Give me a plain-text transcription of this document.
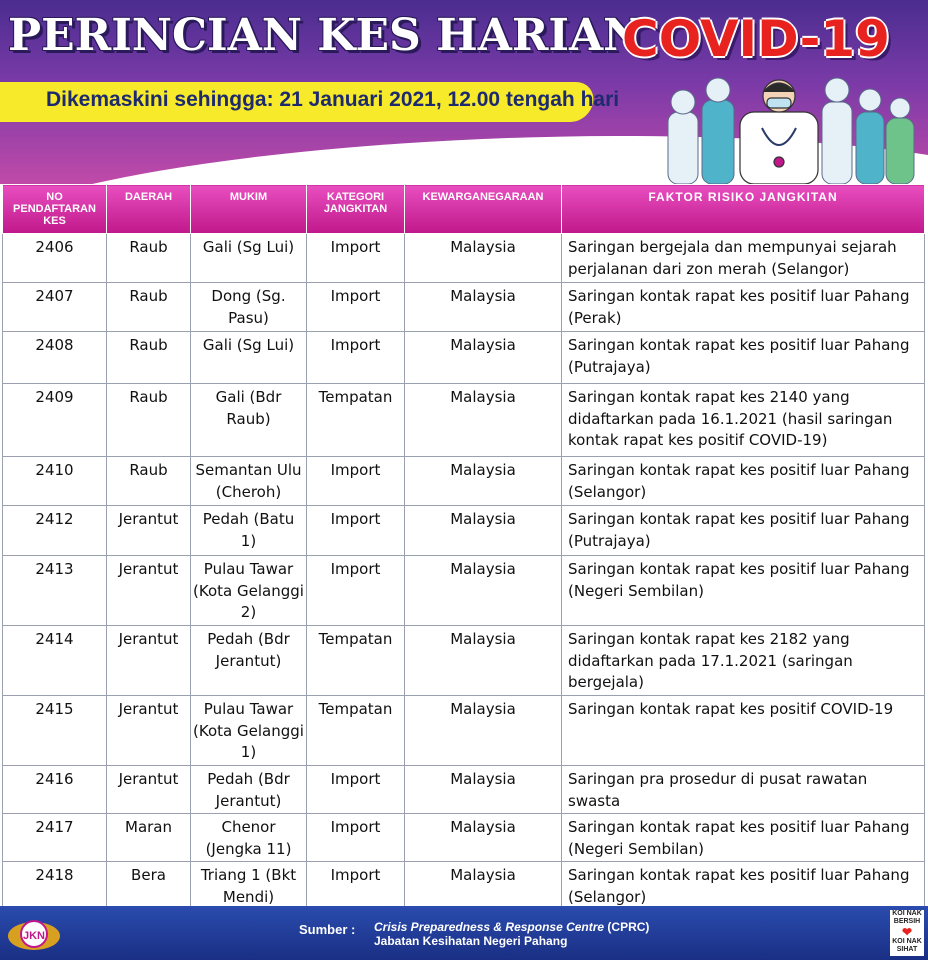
PERINCIAN KES HARIAN
COVID-19
Dikemaskini sehingga: 21 Januari 2021, 12.00 tengah hari
NO PENDAFTARAN KES	DAERAH	MUKIM	KATEGORI JANGKITAN	KEWARGANEGARAAN	FAKTOR RISIKO JANGKITAN
2406	Raub	Gali (Sg Lui)	Import	Malaysia	Saringan bergejala dan mempunyai sejarah perjalanan dari zon merah (Selangor)
2407	Raub	Dong (Sg. Pasu)	Import	Malaysia	Saringan kontak rapat kes positif luar Pahang (Perak)
2408	Raub	Gali (Sg Lui)	Import	Malaysia	Saringan kontak rapat kes positif luar Pahang (Putrajaya)
2409	Raub	Gali (Bdr Raub)	Tempatan	Malaysia	Saringan kontak rapat kes 2140 yang didaftarkan pada 16.1.2021 (hasil saringan kontak rapat kes positif COVID-19)
2410	Raub	Semantan Ulu (Cheroh)	Import	Malaysia	Saringan kontak rapat kes positif luar Pahang (Selangor)
2412	Jerantut	Pedah (Batu 1)	Import	Malaysia	Saringan kontak rapat kes positif luar Pahang (Putrajaya)
2413	Jerantut	Pulau Tawar (Kota Gelanggi 2)	Import	Malaysia	Saringan kontak rapat kes positif luar Pahang (Negeri Sembilan)
2414	Jerantut	Pedah (Bdr Jerantut)	Tempatan	Malaysia	Saringan kontak rapat kes 2182 yang didaftarkan pada 17.1.2021 (saringan bergejala)
2415	Jerantut	Pulau Tawar (Kota Gelanggi 1)	Tempatan	Malaysia	Saringan kontak rapat kes positif COVID-19
2416	Jerantut	Pedah (Bdr Jerantut)	Import	Malaysia	Saringan pra prosedur di pusat rawatan swasta
2417	Maran	Chenor (Jengka 11)	Import	Malaysia	Saringan kontak rapat kes positif luar Pahang (Negeri Sembilan)
2418	Bera	Triang 1 (Bkt Mendi)	Import	Malaysia	Saringan kontak rapat kes positif luar Pahang (Selangor)
Sumber : Crisis Preparedness & Response Centre (CPRC)
Jabatan Kesihatan Negeri Pahang
JKN
KOI NAK
BERSIH
❤
KOI NAK
SIHAT
